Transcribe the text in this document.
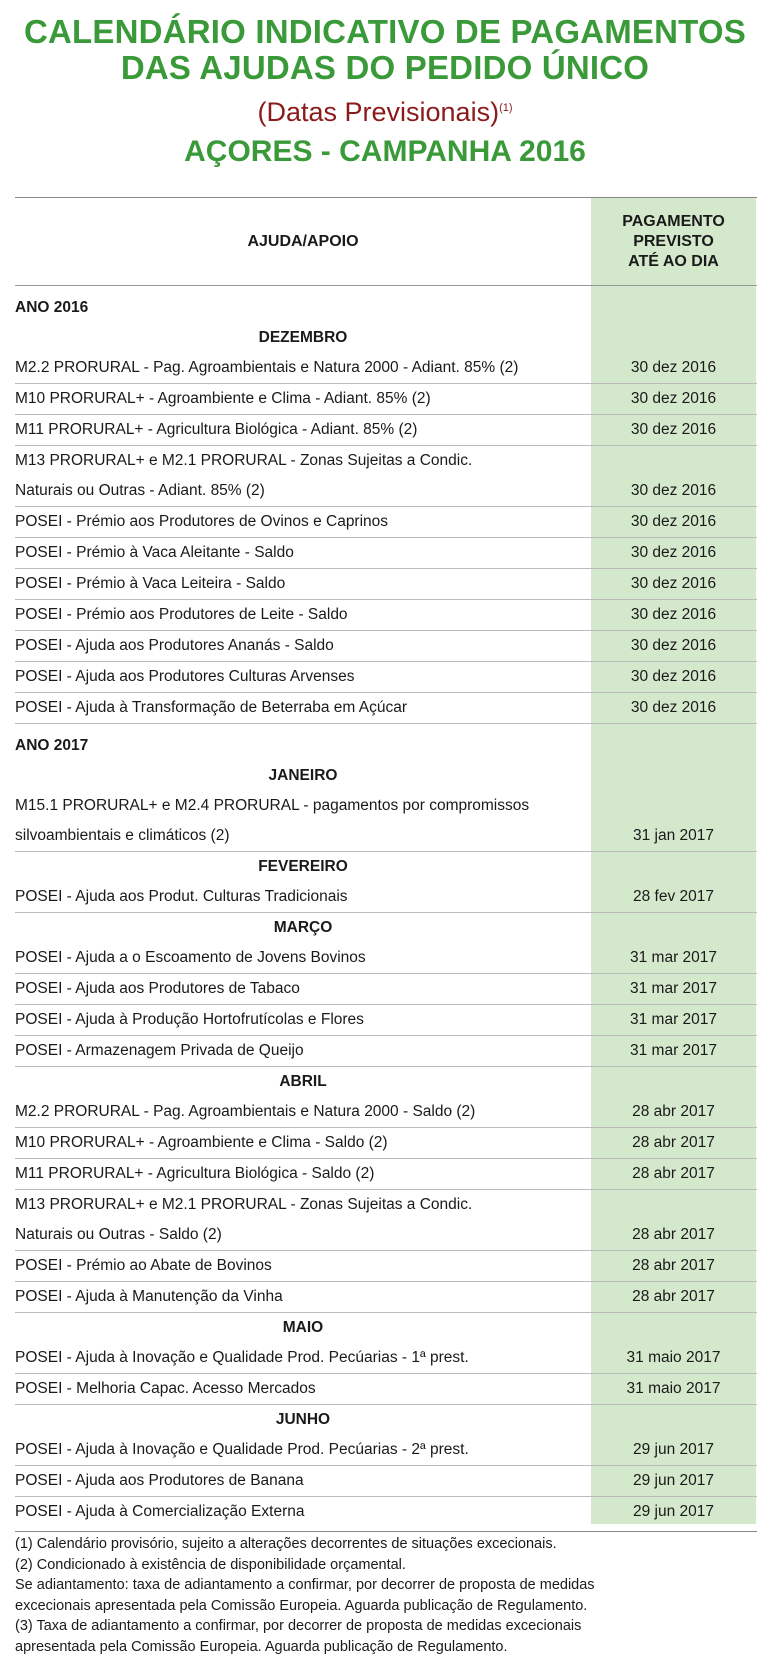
CALENDÁRIO INDICATIVO DE PAGAMENTOS
DAS AJUDAS DO PEDIDO ÚNICO
(Datas Previsionais)$^{(1)}$
AÇORES - CAMPANHA 2016
AJUDA/APOIO
PAGAMENTO
PREVISTO
ATÉ AO DIA
ANO 2016
DEZEMBRO
M2.2 PRORURAL - Pag. Agroambientais e Natura 2000 - Adiant. 85% (2)	30 dez 2016
M10 PRORURAL+ - Agroambiente e Clima - Adiant. 85% (2)	30 dez 2016
M11 PRORURAL+ - Agricultura Biológica - Adiant. 85% (2)	30 dez 2016
M13 PRORURAL+ e M2.1 PRORURAL - Zonas Sujeitas a Condic.
Naturais ou Outras - Adiant. 85% (2)	30 dez 2016
POSEI - Prémio aos Produtores de Ovinos e Caprinos	30 dez 2016
POSEI - Prémio à Vaca Aleitante - Saldo	30 dez 2016
POSEI - Prémio à Vaca Leiteira - Saldo	30 dez 2016
POSEI - Prémio aos Produtores de Leite - Saldo	30 dez 2016
POSEI - Ajuda aos Produtores Ananás - Saldo	30 dez 2016
POSEI - Ajuda aos Produtores Culturas Arvenses	30 dez 2016
POSEI - Ajuda à Transformação de Beterraba em Açúcar	30 dez 2016
ANO 2017
JANEIRO
M15.1 PRORURAL+ e M2.4 PRORURAL - pagamentos por compromissos
silvoambientais e climáticos (2)	31 jan 2017
FEVEREIRO
POSEI - Ajuda aos Produt. Culturas Tradicionais	28 fev 2017
MARÇO
POSEI - Ajuda a o Escoamento de Jovens Bovinos	31 mar 2017
POSEI - Ajuda aos Produtores de Tabaco	31 mar 2017
POSEI - Ajuda à Produção Hortofrutícolas e Flores	31 mar 2017
POSEI - Armazenagem Privada de Queijo	31 mar 2017
ABRIL
M2.2 PRORURAL - Pag. Agroambientais e Natura 2000 - Saldo (2)	28 abr 2017
M10 PRORURAL+ - Agroambiente e Clima - Saldo (2)	28 abr 2017
M11 PRORURAL+ - Agricultura Biológica - Saldo (2)	28 abr 2017
M13 PRORURAL+ e M2.1 PRORURAL - Zonas Sujeitas a Condic.
Naturais ou Outras - Saldo (2)	28 abr 2017
POSEI - Prémio ao Abate de Bovinos	28 abr 2017
POSEI - Ajuda à Manutenção da Vinha	28 abr 2017
MAIO
POSEI - Ajuda à Inovação e Qualidade Prod. Pecúarias - 1ª prest.	31 maio 2017
POSEI - Melhoria Capac. Acesso Mercados	31 maio 2017
JUNHO
POSEI - Ajuda à Inovação e Qualidade Prod. Pecúarias - 2ª prest.	29 jun 2017
POSEI - Ajuda aos Produtores de Banana	29 jun 2017
POSEI - Ajuda à Comercialização Externa	29 jun 2017
(1) Calendário provisório, sujeito a alterações decorrentes de situações excecionais.
(2) Condicionado à existência de disponibilidade orçamental.
Se adiantamento: taxa de adiantamento a confirmar, por decorrer de proposta de medidas
excecionais apresentada pela Comissão Europeia. Aguarda publicação de Regulamento.
(3) Taxa de adiantamento a confirmar, por decorrer de proposta de medidas excecionais
apresentada pela Comissão Europeia. Aguarda publicação de Regulamento.
